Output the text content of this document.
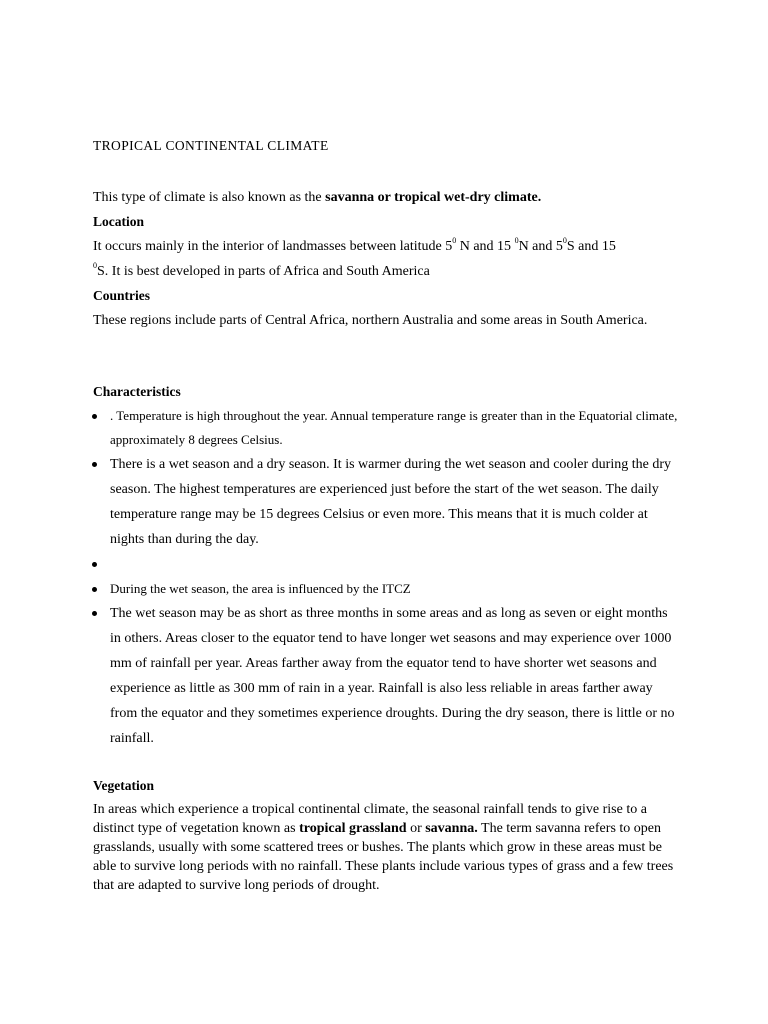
TROPICAL CONTINENTAL CLIMATE
This type of climate is also known as the savanna or tropical wet-dry climate.
Location
It occurs mainly in the interior of landmasses between latitude $5^0$ N and 15 $^0$N and $5^0S$ and 15
$^0$S. It is best developed in parts of Africa and South America
Countries
These regions include parts of Central Africa, northern Australia and some areas in South America.
Characteristics
. Temperature is high throughout the year. Annual temperature range is greater than in the Equatorial climate, approximately 8 degrees Celsius.
There is a wet season and a dry season. It is warmer during the wet season and cooler during the dry season. The highest temperatures are experienced just before the start of the wet season. The daily temperature range may be 15 degrees Celsius or even more. This means that it is much colder at nights than during the day.
During the wet season, the area is influenced by the ITCZ
The wet season may be as short as three months in some areas and as long as seven or eight months in others. Areas closer to the equator tend to have longer wet seasons and may experience over 1000 mm of rainfall per year. Areas farther away from the equator tend to have shorter wet seasons and experience as little as 300 mm of rain in a year. Rainfall is also less reliable in areas farther away from the equator and they sometimes experience droughts. During the dry season, there is little or no rainfall.
Vegetation
In areas which experience a tropical continental climate, the seasonal rainfall tends to give rise to a distinct type of vegetation known as tropical grassland or savanna. The term savanna refers to open grasslands, usually with some scattered trees or bushes. The plants which grow in these areas must be able to survive long periods with no rainfall. These plants include various types of grass and a few trees that are adapted to survive long periods of drought.
